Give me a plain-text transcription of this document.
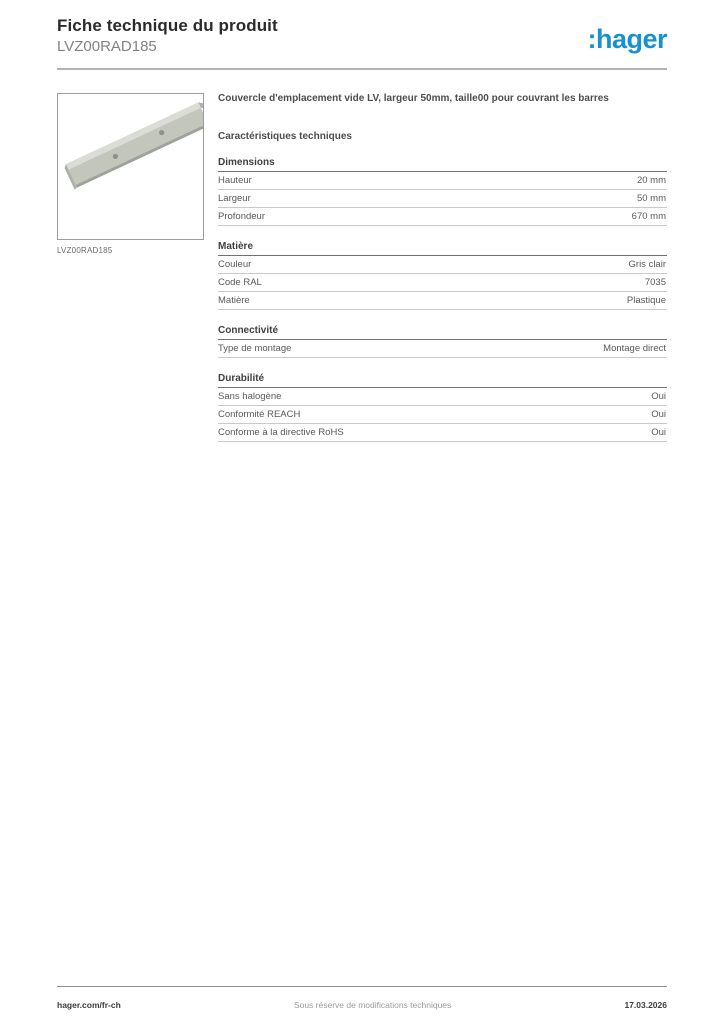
Fiche technique du produit
LVZ00RAD185	:hager
LVZ00RAD185
Couvercle d'emplacement vide LV, largeur 50mm, taille00 pour couvrant les barres
Caractéristiques techniques
Dimensions
Hauteur	20 mm
Largeur	50 mm
Profondeur	670 mm
Matière
Couleur	Gris clair
Code RAL	7035
Matière	Plastique
Connectivité
Type de montage	Montage direct
Durabilité
Sans halogène	Oui
Conformité REACH	Oui
Conforme à la directive RoHS	Oui
hager.com/fr-ch	Sous réserve de modifications techniques	17.03.2026
